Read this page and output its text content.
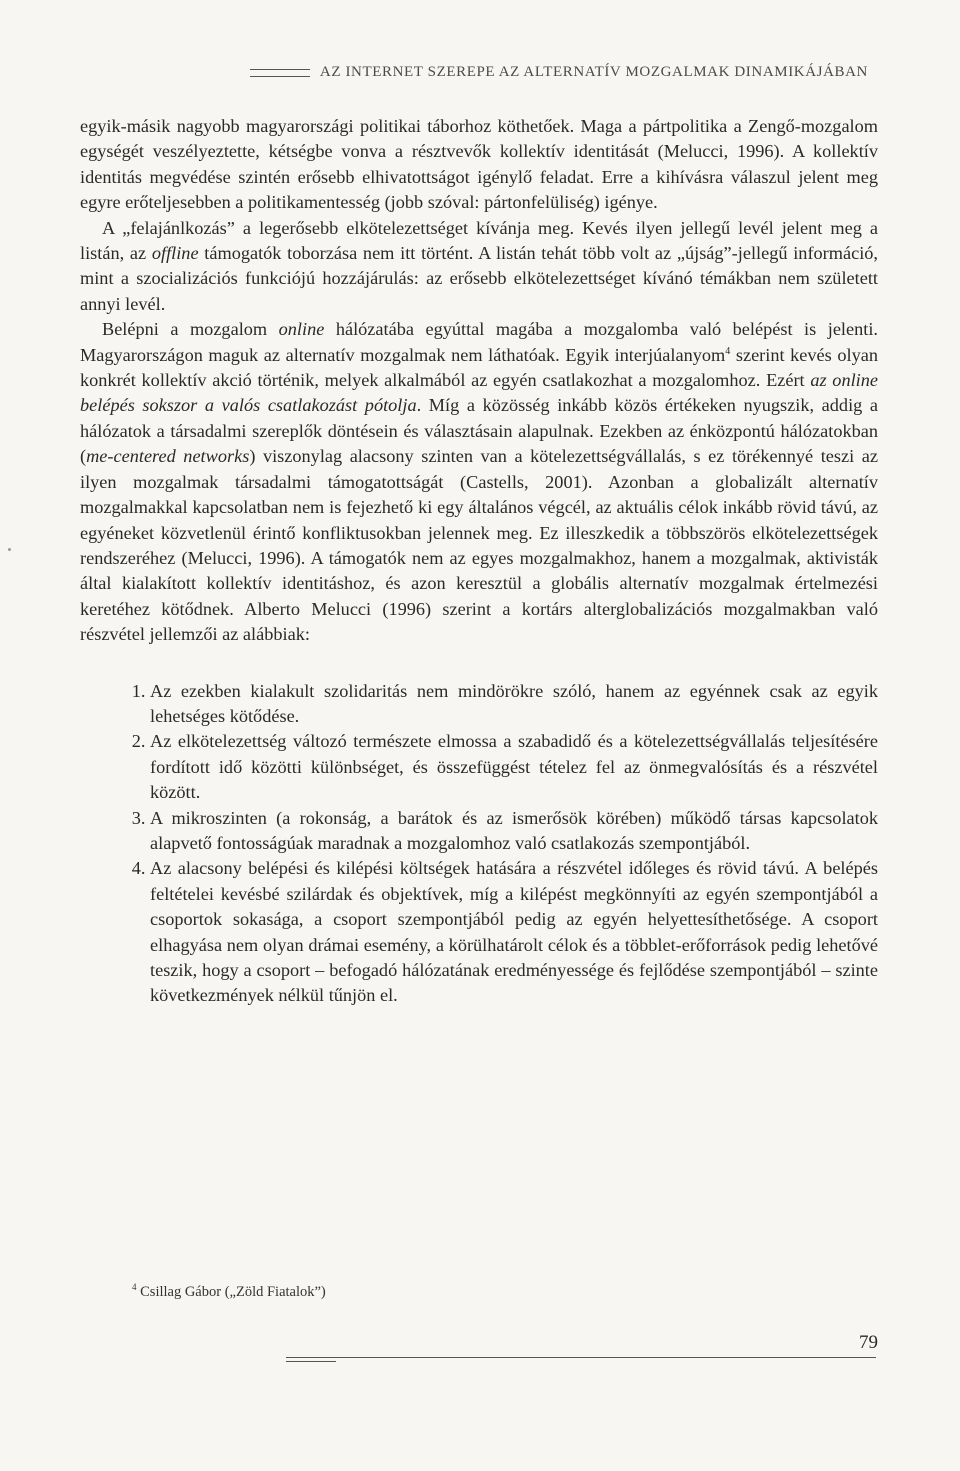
AZ INTERNET SZEREPE AZ ALTERNATÍV MOZGALMAK DINAMIKÁJÁBAN

egyik-másik nagyobb magyarországi politikai táborhoz köthetőek. Maga a pártpolitika a Zengő-mozgalom egységét veszélyeztette, kétségbe vonva a résztvevők kollektív identitását (Melucci, 1996). A kollektív identitás megvédése szintén erősebb elhivatottságot igénylő feladat. Erre a kihívásra válaszul jelent meg egyre erőteljesebben a politikamentesség (jobb szóval: pártonfelüliség) igénye.

A „felajánlkozás” a legerősebb elkötelezettséget kívánja meg. Kevés ilyen jellegű levél jelent meg a listán, az offline támogatók toborzása nem itt történt. A listán tehát több volt az „újság”-jellegű információ, mint a szocializációs funkciójú hozzájárulás: az erősebb elkötelezettséget kívánó témákban nem született annyi levél.

Belépni a mozgalom online hálózatába egyúttal magába a mozgalomba való belépést is jelenti. Magyarországon maguk az alternatív mozgalmak nem láthatóak. Egyik interjúalanyom$^4$ szerint kevés olyan konkrét kollektív akció történik, melyek alkalmából az egyén csatlakozhat a mozgalomhoz. Ezért az online belépés sokszor a valós csatlakozást pótolja. Míg a közösség inkább közös értékeken nyugszik, addig a hálózatok a társadalmi szereplők döntésein és választásain alapulnak. Ezekben az énközpontú hálózatokban (me-centered networks) viszonylag alacsony szinten van a kötelezettségvállalás, s ez törékennyé teszi az ilyen mozgalmak társadalmi támogatottságát (Castells, 2001). Azonban a globalizált alternatív mozgalmakkal kapcsolatban nem is fejezhető ki egy általános végcél, az aktuális célok inkább rövid távú, az egyéneket közvetlenül érintő konfliktusokban jelennek meg. Ez illeszkedik a többszörös elkötelezettségek rendszeréhez (Melucci, 1996). A támogatók nem az egyes mozgalmakhoz, hanem a mozgalmak, aktivisták által kialakított kollektív identitáshoz, és azon keresztül a globális alternatív mozgalmak értelmezési keretéhez kötődnek. Alberto Melucci (1996) szerint a kortárs alterglobalizációs mozgalmakban való részvétel jellemzői az alábbiak:

1. Az ezekben kialakult szolidaritás nem mindörökre szóló, hanem az egyénnek csak az egyik lehetséges kötődése.
2. Az elkötelezettség változó természete elmossa a szabadidő és a kötelezettségvállalás teljesítésére fordított idő közötti különbséget, és összefüggést tételez fel az önmegvalósítás és a részvétel között.
3. A mikroszinten (a rokonság, a barátok és az ismerősök körében) működő társas kapcsolatok alapvető fontosságúak maradnak a mozgalomhoz való csatlakozás szempontjából.
4. Az alacsony belépési és kilépési költségek hatására a részvétel időleges és rövid távú. A belépés feltételei kevésbé szilárdak és objektívek, míg a kilépést megkönnyíti az egyén szempontjából a csoportok sokasága, a csoport szempontjából pedig az egyén helyettesíthetősége. A csoport elhagyása nem olyan drámai esemény, a körülhatárolt célok és a többlet-erőforrások pedig lehetővé teszik, hogy a csoport – befogadó hálózatának eredményessége és fejlődése szempontjából – szinte következmények nélkül tűnjön el.
$^4$ Csillag Gábor („Zöld Fiatalok”)
79
